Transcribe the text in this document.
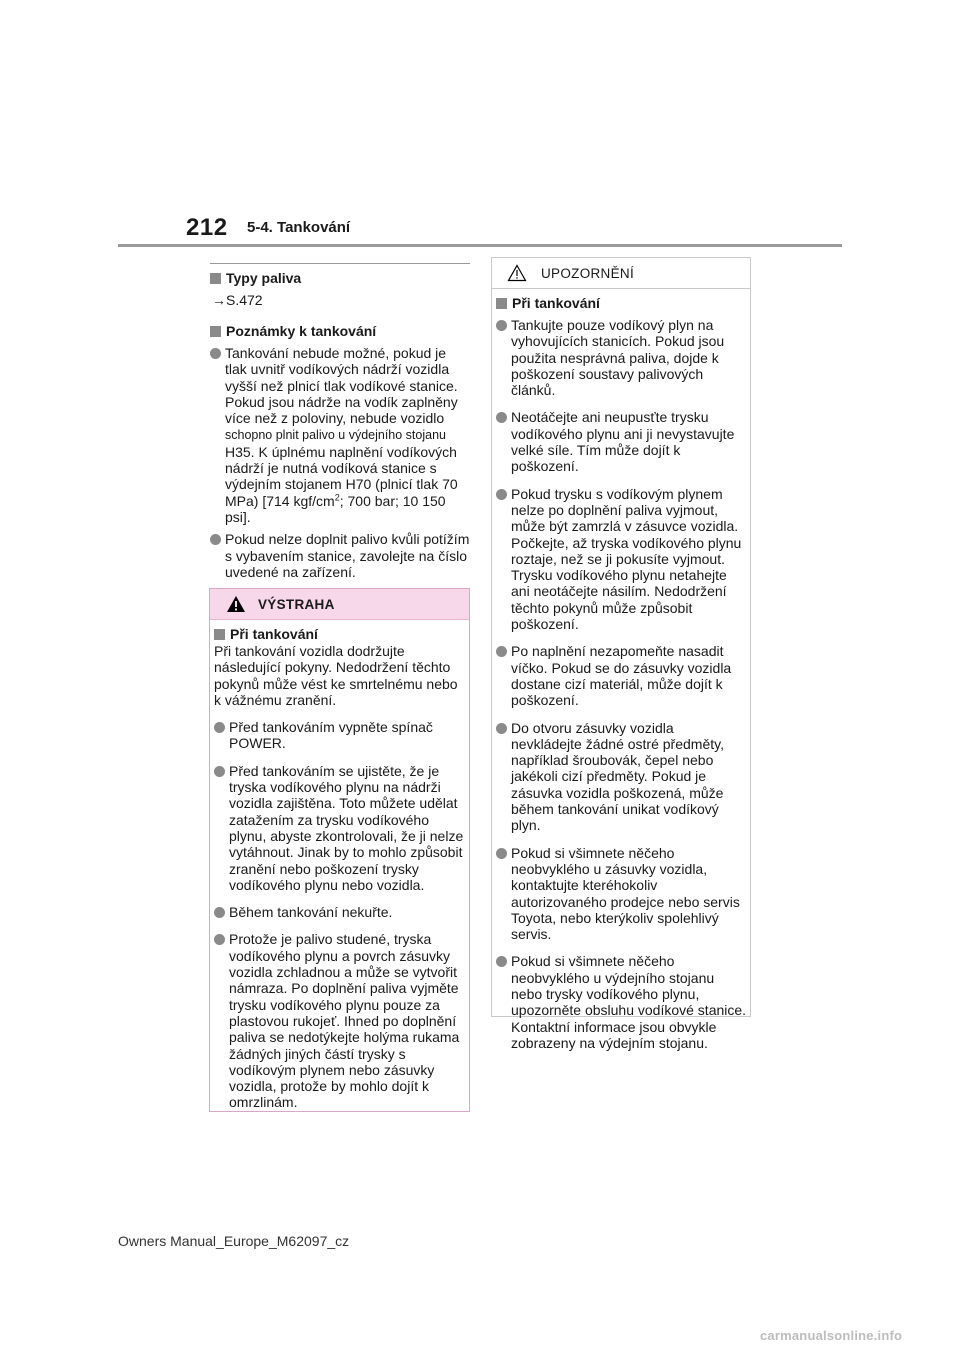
212 5-4. Tankování
Typy paliva
→S.472
Poznámky k tankování
Tankování nebude možné, pokud je tlak uvnitř vodíkových nádrží vozidla vyšší než plnicí tlak vodíkové stanice. Pokud jsou nádrže na vodík zaplněny více než z poloviny, nebude vozidlo schopno plnit palivo u výdejního stojanu H35. K úplnému naplnění vodíkových nádrží je nutná vodíková stanice s výdejním stojanem H70 (plnicí tlak 70 MPa) [714 kgf/$cm^2$; 700 bar; 10 150 psi].
Pokud nelze doplnit palivo kvůli potížím s vybavením stanice, zavolejte na číslo uvedené na zařízení.
VÝSTRAHA
Při tankování
Při tankování vozidla dodržujte následující pokyny. Nedodržení těchto pokynů může vést ke smrtelnému nebo k vážnému zranění.
Před tankováním vypněte spínač POWER.
Před tankováním se ujistěte, že je tryska vodíkového plynu na nádrži vozidla zajištěna. Toto můžete udělat zatažením za trysku vodíkového plynu, abyste zkontrolovali, že ji nelze vytáhnout. Jinak by to mohlo způsobit zranění nebo poškození trysky vodíkového plynu nebo vozidla.
Během tankování nekuřte.
Protože je palivo studené, tryska vodíkového plynu a povrch zásuvky vozidla zchladnou a může se vytvořit námraza. Po doplnění paliva vyjměte trysku vodíkového plynu pouze za plastovou rukojeť. Ihned po doplnění paliva se nedotýkejte holýma rukama žádných jiných částí trysky s vodíkovým plynem nebo zásuvky vozidla, protože by mohlo dojít k omrzlinám.
UPOZORNĚNÍ
Při tankování
Tankujte pouze vodíkový plyn na vyhovujících stanicích. Pokud jsou použita nesprávná paliva, dojde k poškození soustavy palivových článků.
Neotáčejte ani neupusťte trysku vodíkového plynu ani ji nevystavujte velké síle. Tím může dojít k poškození.
Pokud trysku s vodíkovým plynem nelze po doplnění paliva vyjmout, může být zamrzlá v zásuvce vozidla. Počkejte, až tryska vodíkového plynu roztaje, než se ji pokusíte vyjmout. Trysku vodíkového plynu netahejte ani neotáčejte násilím. Nedodržení těchto pokynů může způsobit poškození.
Po naplnění nezapomeňte nasadit víčko. Pokud se do zásuvky vozidla dostane cizí materiál, může dojít k poškození.
Do otvoru zásuvky vozidla nevkládejte žádné ostré předměty, například šroubovák, čepel nebo jakékoli cizí předměty. Pokud je zásuvka vozidla poškozená, může během tankování unikat vodíkový plyn.
Pokud si všimnete něčeho neobvyklého u zásuvky vozidla, kontaktujte kteréhokoliv autorizovaného prodejce nebo servis Toyota, nebo kterýkoliv spolehlivý servis.
Pokud si všimnete něčeho neobvyklého u výdejního stojanu nebo trysky vodíkového plynu, upozorněte obsluhu vodíkové stanice. Kontaktní informace jsou obvykle zobrazeny na výdejním stojanu.
Owners Manual_Europe_M62097_cz
carmanualsonline.info
